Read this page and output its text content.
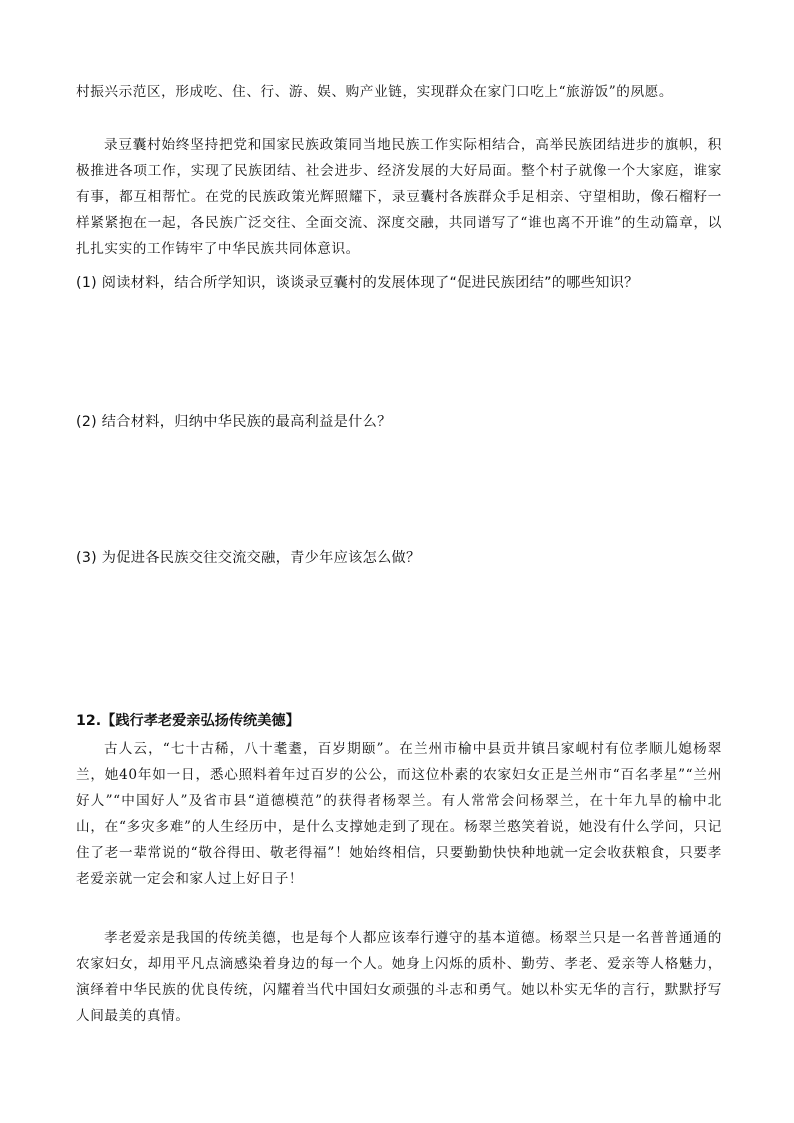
村振兴示范区，形成吃、住、行、游、娱、购产业链，实现群众在家门口吃上“旅游饭”的夙愿。

录豆囊村始终坚持把党和国家民族政策同当地民族工作实际相结合，高举民族团结进步的旗帜，积极推进各项工作，实现了民族团结、社会进步、经济发展的大好局面。整个村子就像一个大家庭，谁家有事，都互相帮忙。在党的民族政策光辉照耀下，录豆囊村各族群众手足相亲、守望相助，像石榴籽一样紧紧抱在一起，各民族广泛交往、全面交流、深度交融，共同谱写了“谁也离不开谁”的生动篇章，以扎扎实实的工作铸牢了中华民族共同体意识。

(1) 阅读材料，结合所学知识，谈谈录豆囊村的发展体现了“促进民族团结”的哪些知识？

(2) 结合材料，归纳中华民族的最高利益是什么？

(3) 为促进各民族交往交流交融，青少年应该怎么做？

12.【践行孝老爱亲弘扬传统美德】

古人云，“七十古稀，八十耄耋，百岁期颐”。在兰州市榆中县贡井镇吕家岘村有位孝顺儿媳杨翠兰，她40年如一日，悉心照料着年过百岁的公公，而这位朴素的农家妇女正是兰州市“百名孝星”“兰州好人”“中国好人”及省市县“道德模范”的获得者杨翠兰。有人常常会问杨翠兰，在十年九旱的榆中北山，在“多灾多难”的人生经历中，是什么支撑她走到了现在。杨翠兰憨笑着说，她没有什么学问，只记住了老一辈常说的“敬谷得田、敬老得福”！她始终相信，只要勤勤快快种地就一定会收获粮食，只要孝老爱亲就一定会和家人过上好日子！

孝老爱亲是我国的传统美德，也是每个人都应该奉行遵守的基本道德。杨翠兰只是一名普普通通的农家妇女，却用平凡点滴感染着身边的每一个人。她身上闪烁的质朴、勤劳、孝老、爱亲等人格魅力，演绎着中华民族的优良传统，闪耀着当代中国妇女顽强的斗志和勇气。她以朴实无华的言行，默默抒写人间最美的真情。
